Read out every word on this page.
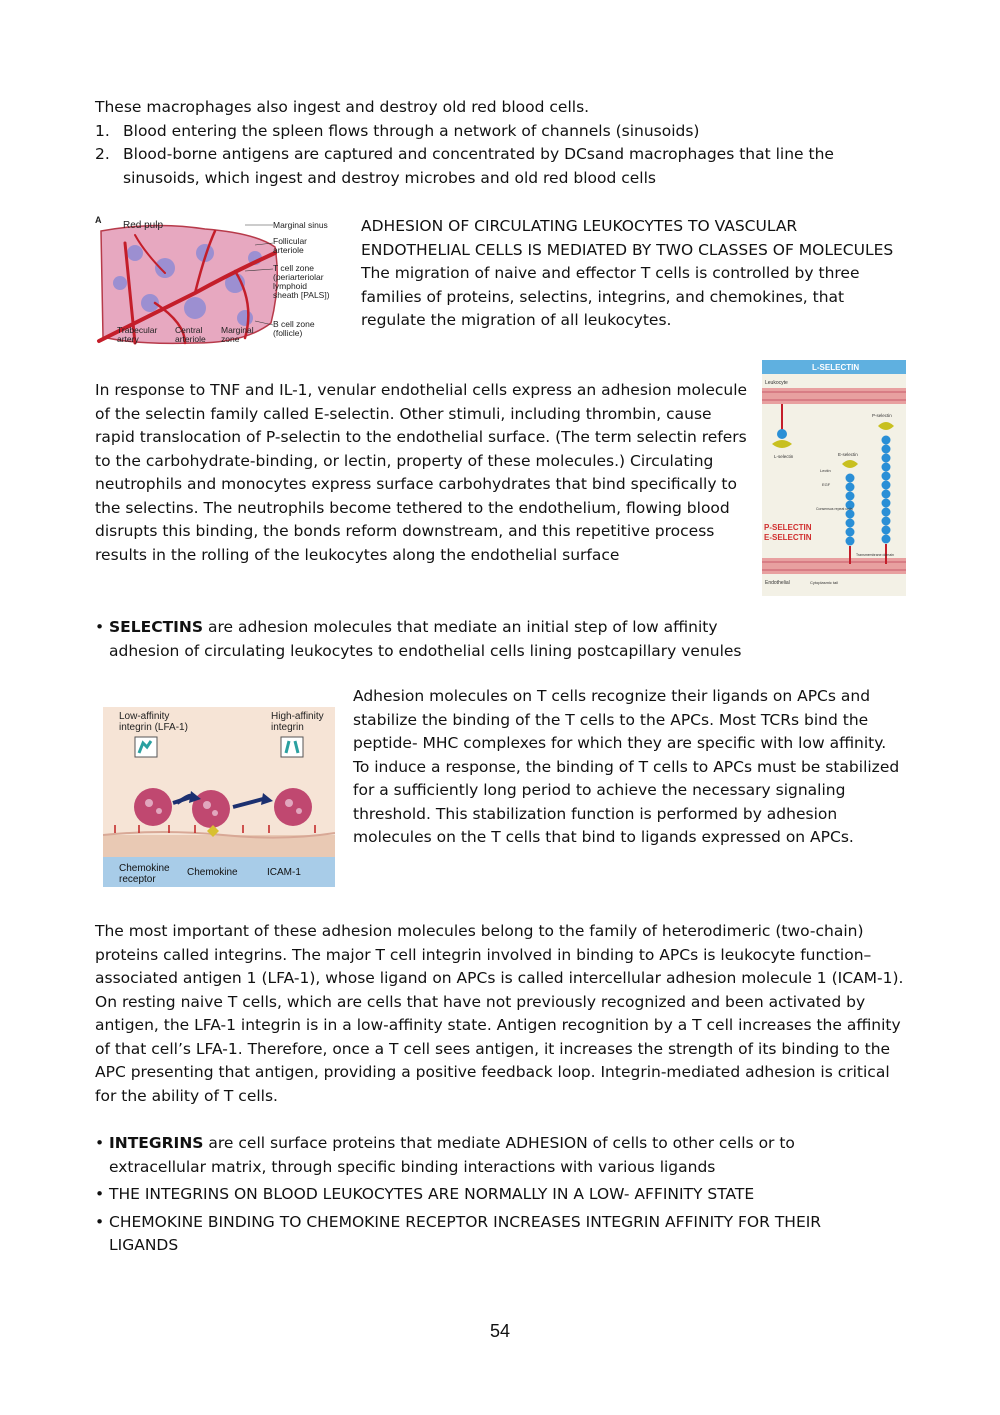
These macrophages also ingest and destroy old red blood cells.

1. Blood entering the spleen flows through a network of channels (sinusoids)
2. Blood-borne antigens are captured and concentrated by DCsand macrophages that line the sinusoids, which ingest and destroy microbes and old red blood cells
A Red pulp	Marginal sinus
Follicular arteriole
T cell zone (periarteriolar lymphoid sheath [PALS])
B cell zone (follicle)
Trabecular artery
Central arteriole
Marginal zone

ADHESION OF CIRCULATING LEUKOCYTES TO VASCULAR ENDOTHELIAL CELLS IS MEDIATED BY TWO CLASSES OF MOLECULES

The migration of naive and effector T cells is controlled by three families of proteins, selectins, integrins, and chemokines, that regulate the migration of all leukocytes.

In response to TNF and IL-1, venular endothelial cells express an adhesion molecule of the selectin family called E-selectin. Other stimuli, including thrombin, cause rapid translocation of P-selectin to the endothelial surface. (The term selectin refers to the carbohydrate-binding, or lectin, property of these molecules.) Circulating neutrophils and monocytes express surface carbohydrates that bind specifically to the selectins. The neutrophils become tethered to the endothelium, flowing blood disrupts this binding, the bonds reform downstream, and this repetitive process results in the rolling of the leukocytes along the endothelial surface

L-SELECTIN
Leukocyte
L-selectin
Endothelial	Cytoplasmic tail
E-selectin
P-selectin
Lectin
EGF
Consensus repeat units
Transmembrane domain
P-SELECTIN
E-SELECTIN
• SELECTINS are adhesion molecules that mediate an initial step of low affinity adhesion of circulating leukocytes to endothelial cells lining postcapillary venules
Low-affinity integrin (LFA-1)
High-affinity integrin
Chemokine receptor
Chemokine	ICAM-1

Adhesion molecules on T cells recognize their ligands on APCs and stabilize the binding of the T cells to the APCs. Most TCRs bind the peptide- MHC complexes for which they are specific with low affinity. To induce a response, the binding of T cells to APCs must be stabilized for a sufficiently long period to achieve the necessary signaling threshold. This stabilization function is performed by adhesion molecules on the T cells that bind to ligands expressed on APCs.

The most important of these adhesion molecules belong to the family of heterodimeric (two-chain) proteins called integrins. The major T cell integrin involved in binding to APCs is leukocyte function–associated antigen 1 (LFA-1), whose ligand on APCs is called intercellular adhesion molecule 1 (ICAM-1). On resting naive T cells, which are cells that have not previously recognized and been activated by antigen, the LFA-1 integrin is in a low-affinity state. Antigen recognition by a T cell increases the affinity of that cell’s LFA-1. Therefore, once a T cell sees antigen, it increases the strength of its binding to the APC presenting that antigen, providing a positive feedback loop. Integrin-mediated adhesion is critical for the ability of T cells.

• INTEGRINS are cell surface proteins that mediate ADHESION of cells to other cells or to extracellular matrix, through specific binding interactions with various ligands
• THE INTEGRINS ON BLOOD LEUKOCYTES ARE NORMALLY IN A LOW- AFFINITY STATE
• CHEMOKINE BINDING TO CHEMOKINE RECEPTOR INCREASES INTEGRIN AFFINITY FOR THEIR LIGANDS
54
